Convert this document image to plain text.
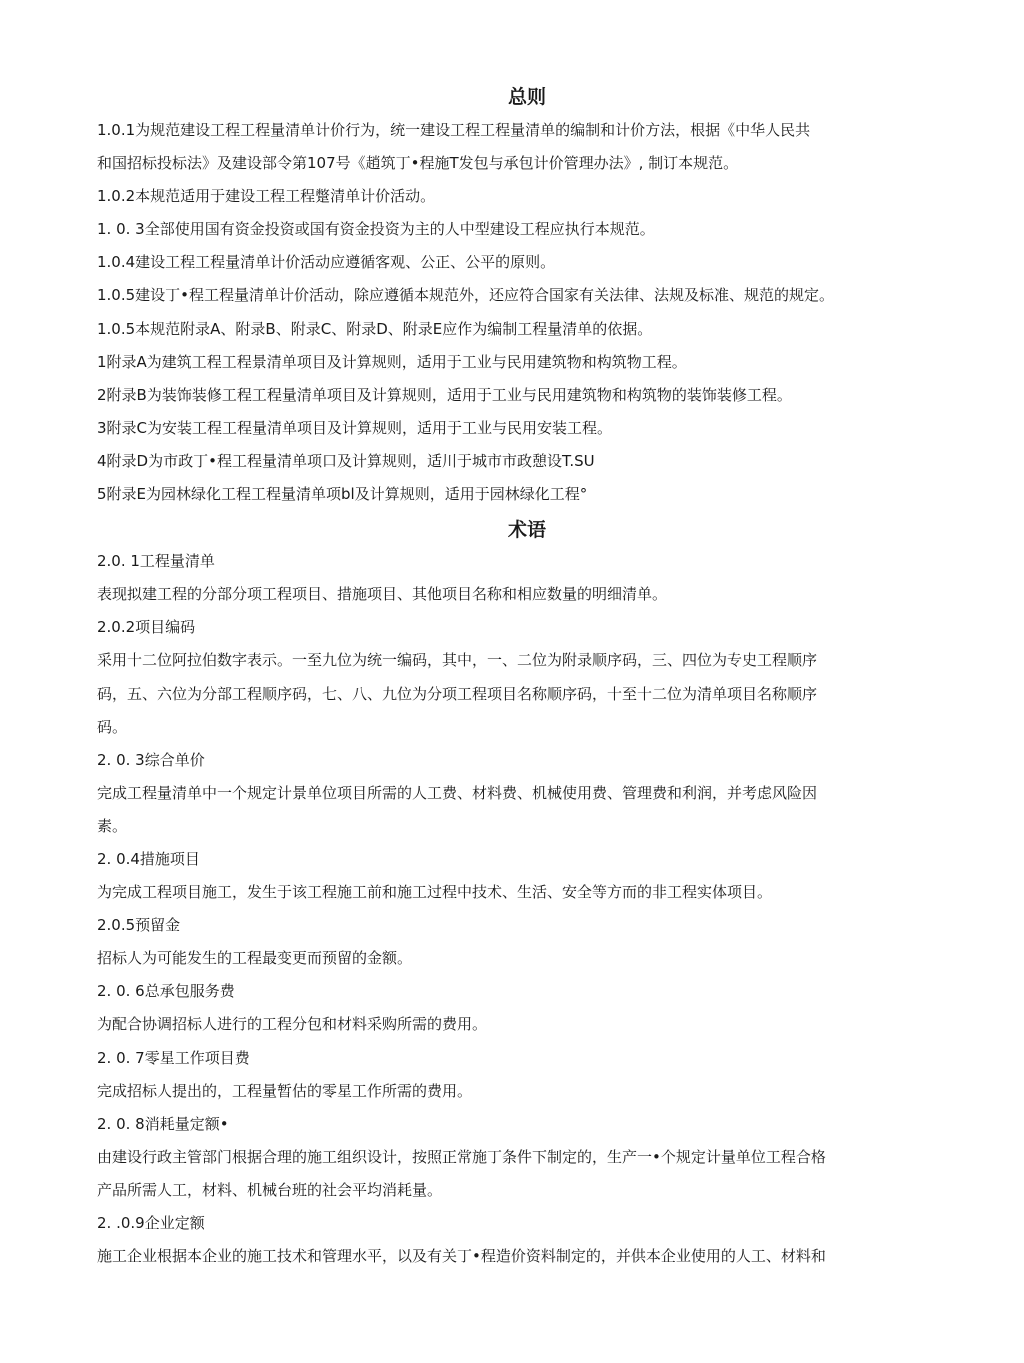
总则
1.0.1为规范建设工程工程量清单计价行为，统一建设工程工程量清单的编制和计价方法，根据《中华人民共
和国招标投标法》及建设部令第107号《趙筑丁•程施T发包与承包计价管理办法》, 制订本规范。
1.0.2本规范适用于建设工程工程蹩清单计价活动。
1. 0. 3全部使用国有资金投资或国有资金投资为主的人中型建设工程应执行本规范。
1.0.4建设工程工程量清单计价活动应遵循客观、公正、公平的原则。
1.0.5建设丁•程工程量清单计价活动，除应遵循本规范外，还应符合国家有关法律、法规及标准、规范的规定。
1.0.5本规范附录A、附录B、附录C、附录D、附录E应作为编制工程量清单的依据。
1附录A为建筑工程工程景清单项目及计算规则，适用于工业与民用建筑物和构筑物工程。
2附录B为装饰装修工程工程量清单项目及计算规则，适用于工业与民用建筑物和构筑物的装饰装修工程。
3附录C为安装工程工程量清单项目及计算规则，适用于工业与民用安装工程。
4附录D为市政丁•程工程量清单项口及计算规则，适川于城市市政憩设T.SU
5附录E为园林绿化工程工程量清单项bl及计算规则，适用于园林绿化工程°
术语
2.0. 1工程量清单
表现拟建工程的分部分项工程项目、措施项目、其他项目名称和相应数量的明细清单。
2.0.2项目编码
采用十二位阿拉伯数字表示。一至九位为统一编码，其中，一、二位为附录顺序码，三、四位为专史工程顺序
码，五、六位为分部工程顺序码，七、八、九位为分项工程项目名称顺序码，十至十二位为清单项目名称顺序
码。
2. 0. 3综合单价
完成工程量清单中一个规定计景单位项目所需的人工费、材料费、机械使用费、管理费和利润，并考虑风险因
素。
2. 0.4措施项目
为完成工程项目施工，发生于该工程施工前和施工过程中技术、生活、安全等方而的非工程实体项目。
2.0.5预留金
招标人为可能发生的工程最变更而预留的金额。
2. 0. 6总承包服务费
为配合协调招标人进行的工程分包和材料采购所需的费用。
2. 0. 7零星工作项目费
完成招标人提出的，工程量暂估的零星工作所需的费用。
2. 0. 8消耗量定额•
由建设行政主管部门根据合理的施工组织设计，按照正常施丁条件下制定的，生产一•个规定计量单位工程合格
产品所需人工，材料、机械台班的社会平均消耗量。
2. .0.9企业定额
施工企业根据本企业的施工技术和管理水平，以及有关丁•程造价资料制定的，并供本企业使用的人工、材料和
